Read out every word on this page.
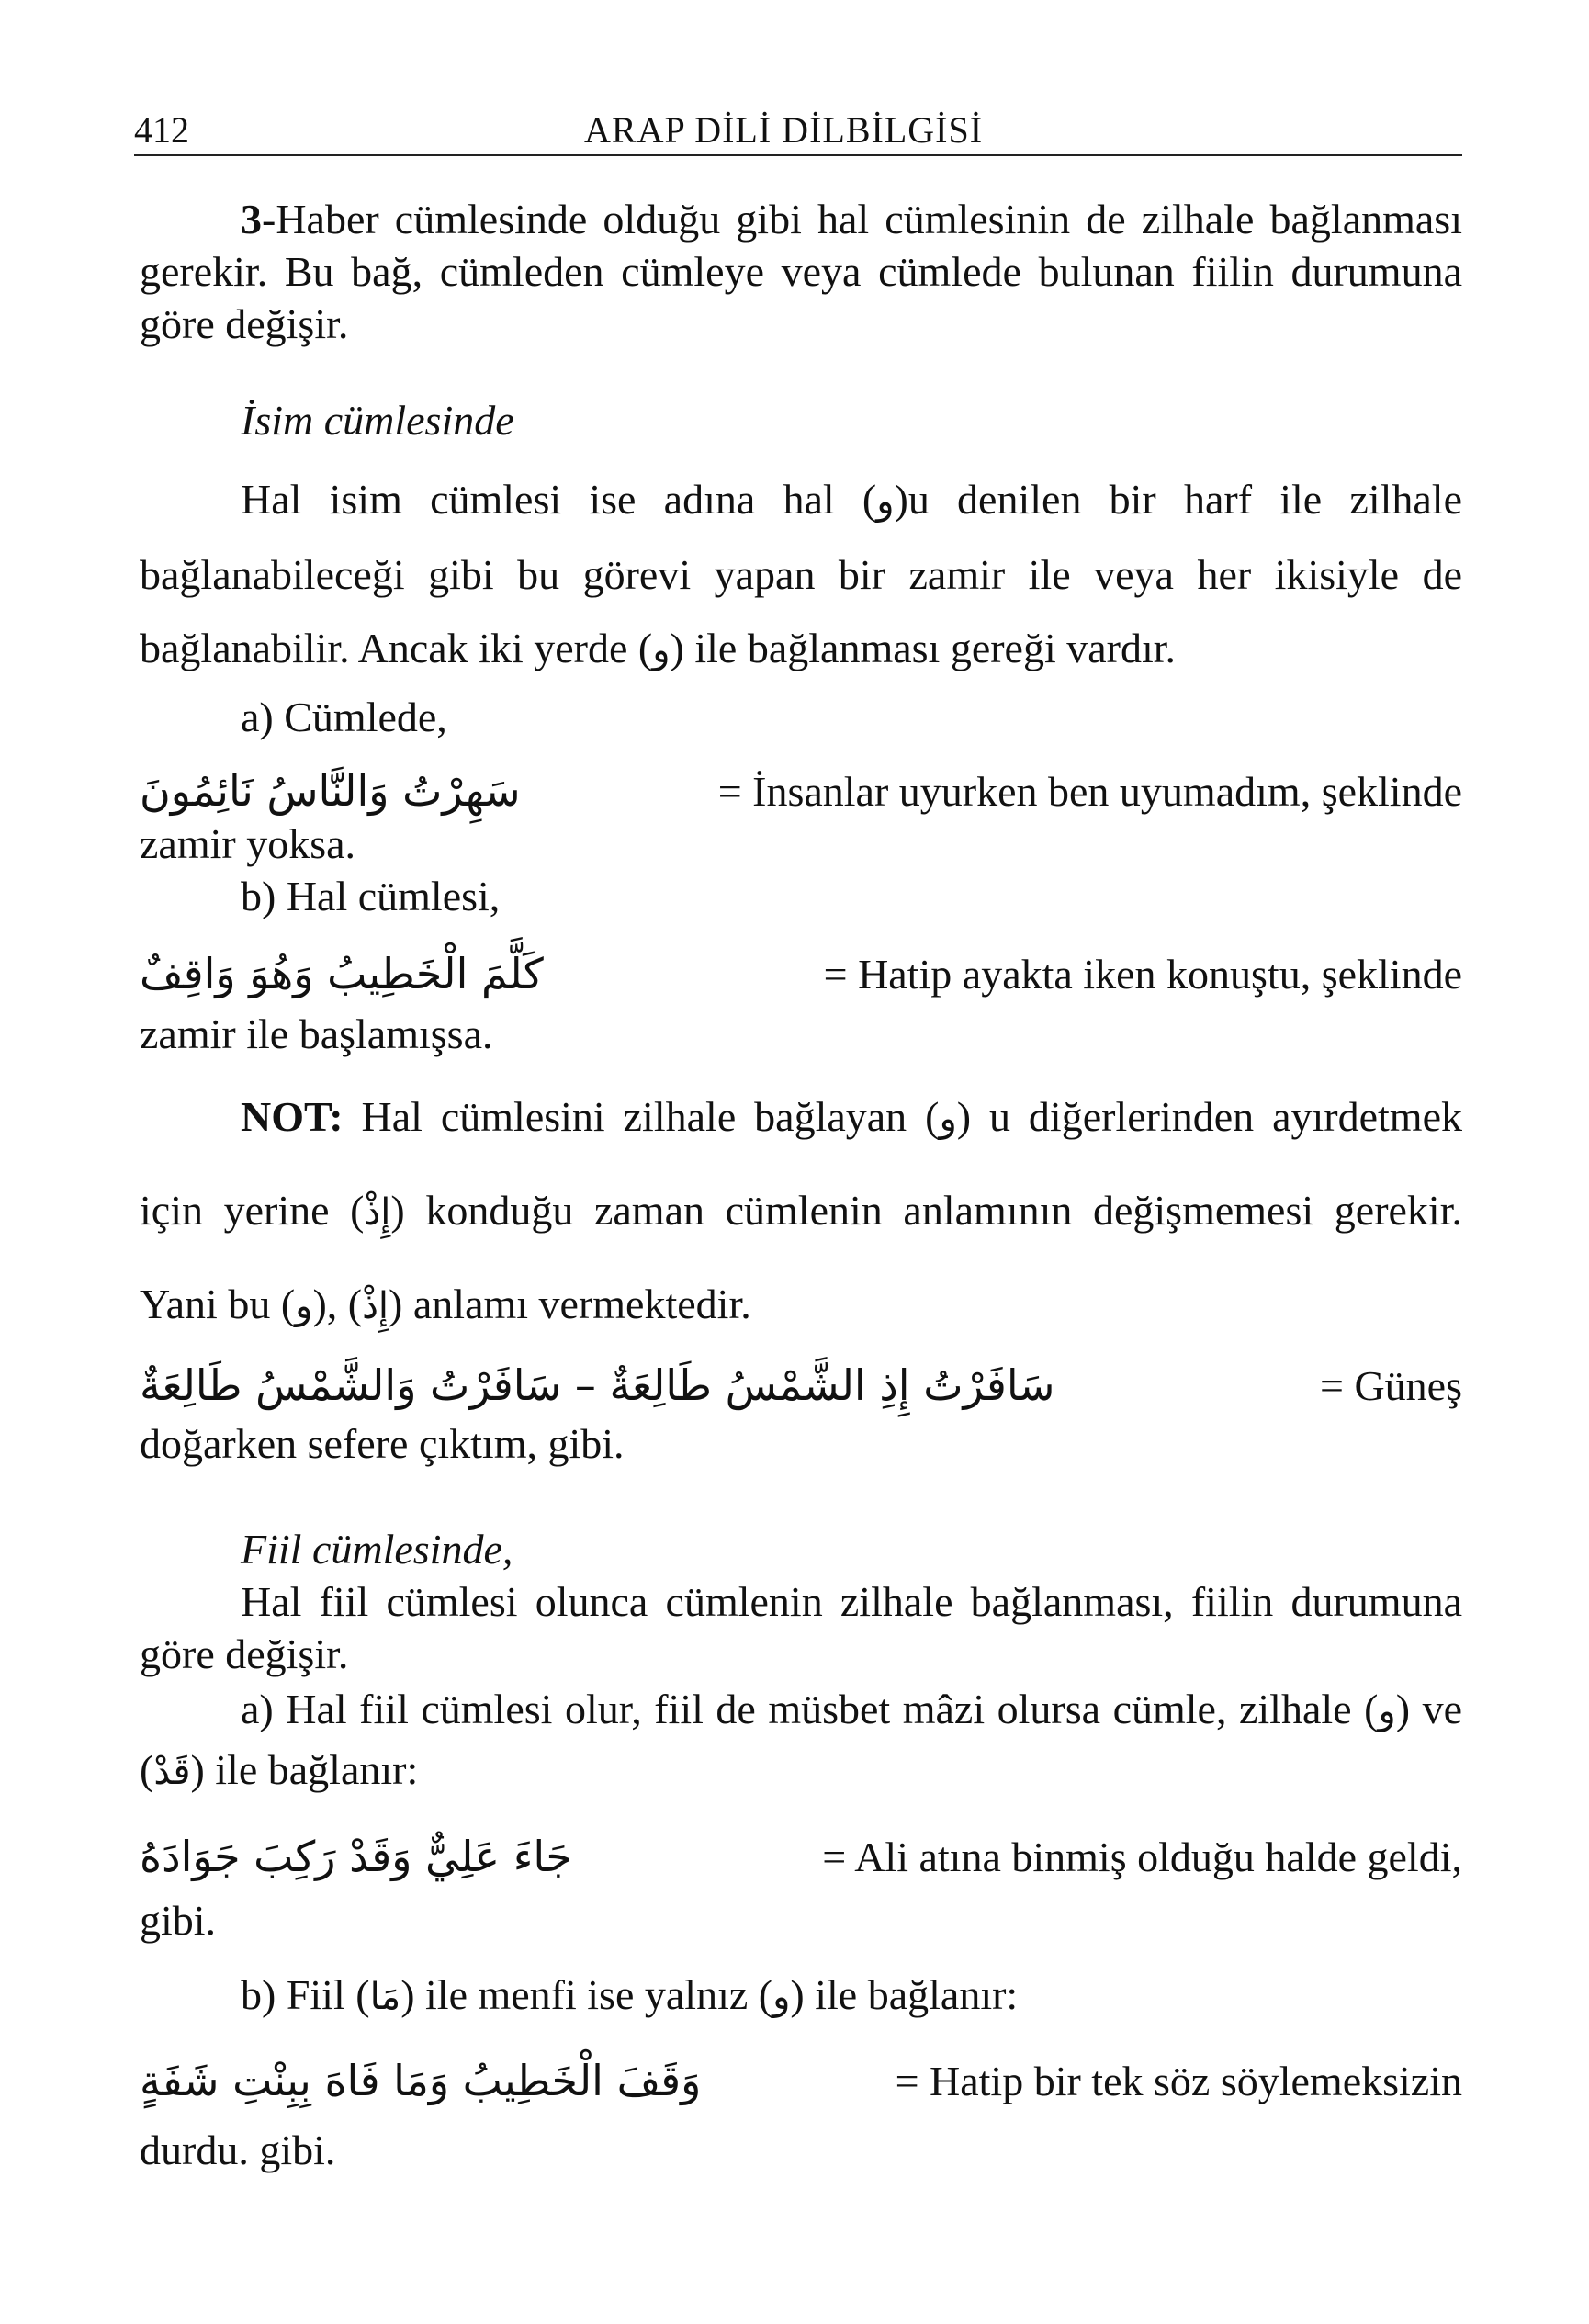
412	ARAP DİLİ DİLBİLGİSİ

3-Haber cümlesinde olduğu gibi hal cümlesinin de zilhale bağlanması gerekir. Bu bağ, cümleden cümleye veya cümlede bulunan fiilin durumuna göre değişir.

İsim cümlesinde

Hal isim cümlesi ise adına hal (و)u denilen bir harf ile zilhale bağlanabileceği gibi bu görevi yapan bir zamir ile veya her ikisiyle de bağlanabilir. Ancak iki yerde (و) ile bağlanması gereği vardır.

a) Cümlede,

سَهِرْتُ وَالنَّاسُ نَائِمُونَ	= İnsanlar uyurken ben uyumadım, şeklinde

zamir yoksa.

b) Hal cümlesi,

كَلَّمَ الْخَطِيبُ وَهُوَ وَاقِفٌ	= Hatip ayakta iken konuştu, şeklinde

zamir ile başlamışsa.

NOT: Hal cümlesini zilhale bağlayan (و) u diğerlerinden ayırdetmek için yerine (إِذْ) konduğu zaman cümlenin anlamının değişmemesi gerekir. Yani bu (و), (إِذْ) anlamı vermektedir.

سَافَرْتُ إِذِ الشَّمْسُ طَالِعَةٌ – سَافَرْتُ وَالشَّمْسُ طَالِعَةٌ	= Güneş

doğarken sefere çıktım, gibi.

Fiil cümlesinde,

Hal fiil cümlesi olunca cümlenin zilhale bağlanması, fiilin durumuna göre değişir.

a) Hal fiil cümlesi olur, fiil de müsbet mâzi olursa cümle, zilhale (و) ve (قَدْ) ile bağlanır:

جَاءَ عَلِيٌّ وَقَدْ رَكِبَ جَوَادَهُ	= Ali atına binmiş olduğu halde geldi,

gibi.

b) Fiil (مَا) ile menfi ise yalnız (و) ile bağlanır:

وَقَفَ الْخَطِيبُ وَمَا فَاهَ بِبِنْتِ شَفَةٍ	= Hatip bir tek söz söylemeksizin

durdu. gibi.
